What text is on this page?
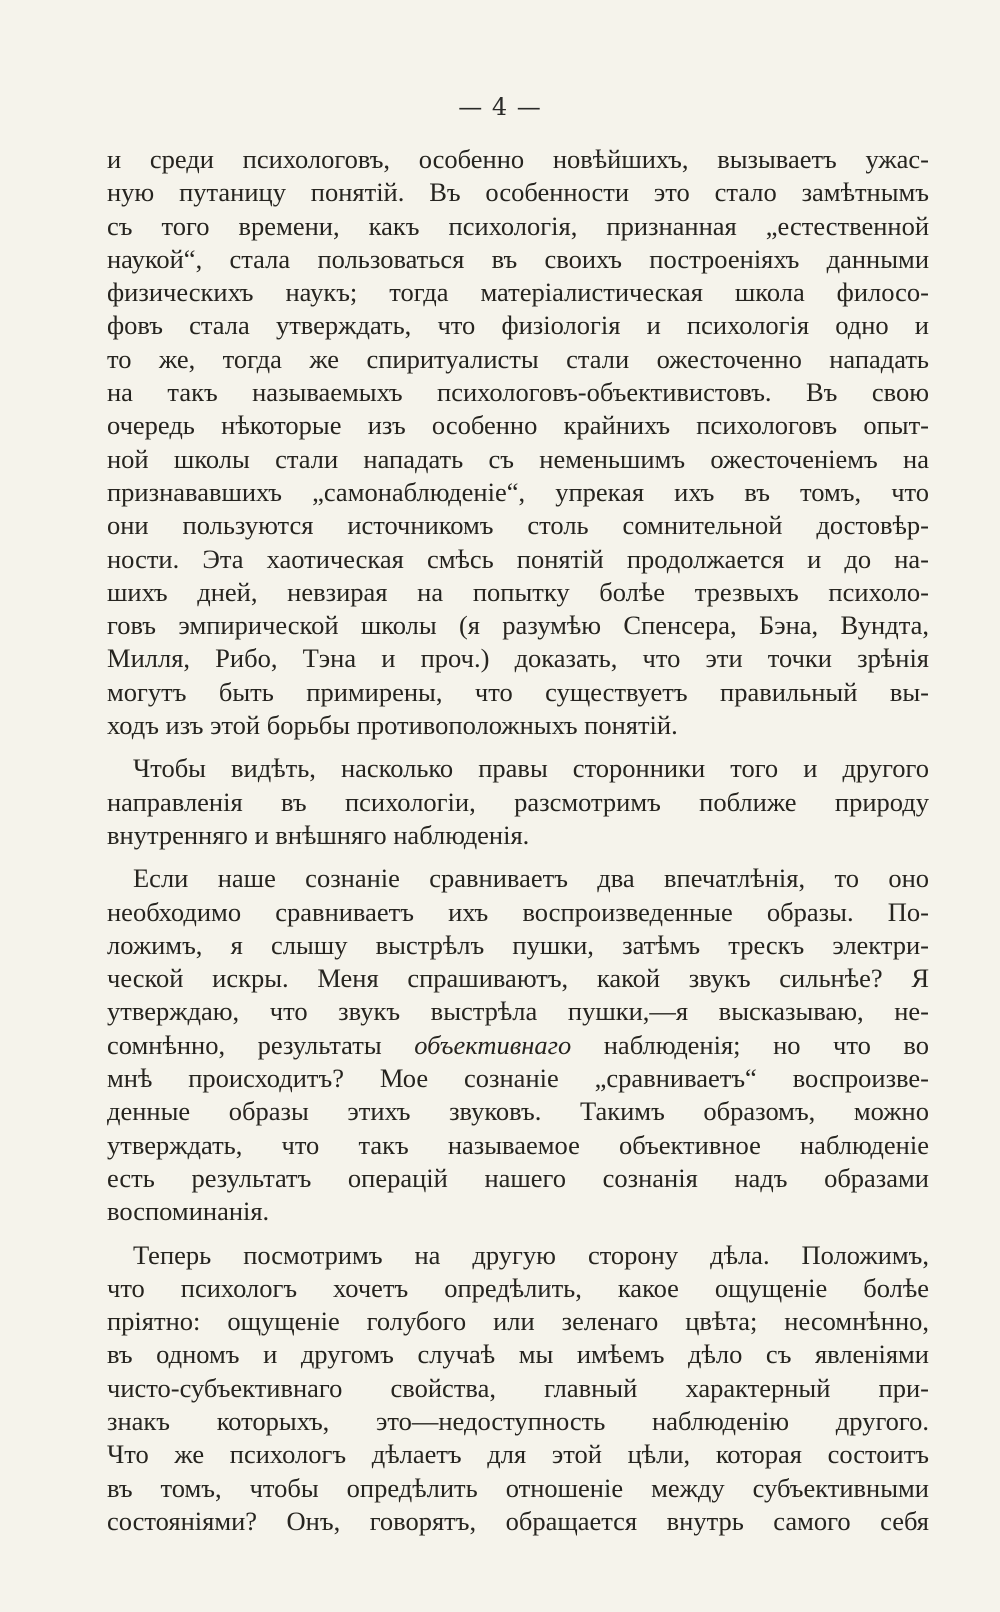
— 4 —
и среди психологовъ, особенно новѣйшихъ, вызываетъ ужас-
ную путаницу понятій. Въ особенности это стало замѣтнымъ
съ того времени, какъ психологія, признанная „естественной
наукой“, стала пользоваться въ своихъ построеніяхъ данными
физическихъ наукъ; тогда матеріалистическая школа филосо-
фовъ стала утверждать, что физіологія и психологія одно и
то же, тогда же спиритуалисты стали ожесточенно нападать
на такъ называемыхъ психологовъ-объективистовъ. Въ свою
очередь нѣкоторые изъ особенно крайнихъ психологовъ опыт-
ной школы стали нападать съ неменьшимъ ожесточеніемъ на
признававшихъ „самонаблюденіе“, упрекая ихъ въ томъ, что
они пользуются источникомъ столь сомнительной достовѣр-
ности. Эта хаотическая смѣсь понятій продолжается и до на-
шихъ дней, невзирая на попытку болѣе трезвыхъ психоло-
говъ эмпирической школы (я разумѣю Спенсера, Бэна, Вундта,
Милля, Рибо, Тэна и проч.) доказать, что эти точки зрѣнія
могутъ быть примирены, что существуетъ правильный вы-
ходъ изъ этой борьбы противоположныхъ понятій.
Чтобы видѣть, насколько правы сторонники того и другого
направленія въ психологіи, разсмотримъ поближе природу
внутренняго и внѣшняго наблюденія.
Если наше сознаніе сравниваетъ два впечатлѣнія, то оно
необходимо сравниваетъ ихъ воспроизведенные образы. По-
ложимъ, я слышу выстрѣлъ пушки, затѣмъ трескъ электри-
ческой искры. Меня спрашиваютъ, какой звукъ сильнѣе? Я
утверждаю, что звукъ выстрѣла пушки,—я высказываю, не-
сомнѣнно, результаты объективнаго наблюденія; но что во
мнѣ происходитъ? Мое сознаніе „сравниваетъ“ воспроизве-
денные образы этихъ звуковъ. Такимъ образомъ, можно
утверждать, что такъ называемое объективное наблюденіе
есть результатъ операцій нашего сознанія надъ образами
воспоминанія.
Теперь посмотримъ на другую сторону дѣла. Положимъ,
что психологъ хочетъ опредѣлить, какое ощущеніе болѣе
пріятно: ощущеніе голубого или зеленаго цвѣта; несомнѣнно,
въ одномъ и другомъ случаѣ мы имѣемъ дѣло съ явленіями
чисто-субъективнаго свойства, главный характерный при-
знакъ которыхъ, это—недоступность наблюденію другого.
Что же психологъ дѣлаетъ для этой цѣли, которая состоитъ
въ томъ, чтобы опредѣлить отношеніе между субъективными
состояніями? Онъ, говорятъ, обращается внутрь самого себя
